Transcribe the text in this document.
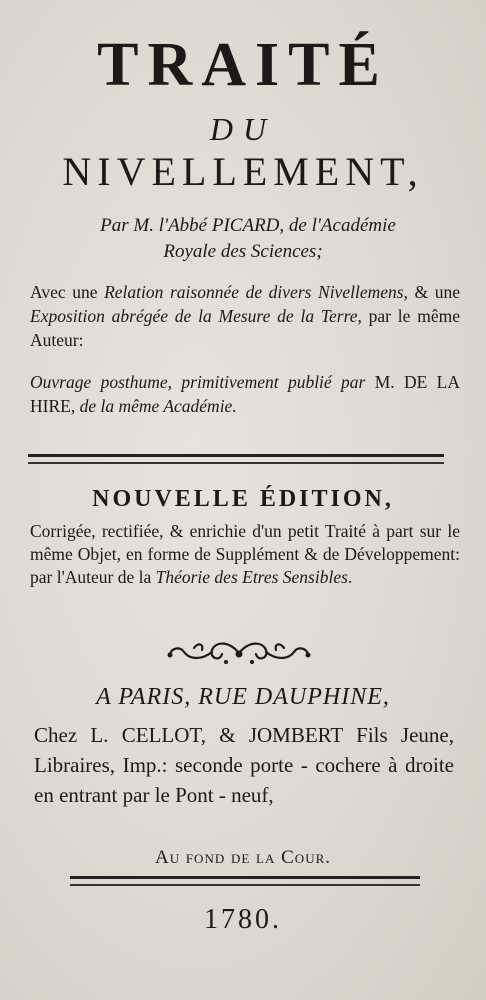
TRAITÉ
DU
NIVELLEMENT,
Par M. l'Abbé PICARD, de l'Académie
Royale des Sciences;
Avec une Relation raisonnée de divers Nivellemens, & une Exposition abrégée de la Mesure de la Terre, par le même Auteur:
Ouvrage posthume, primitivement publié par M. DE LA HIRE, de la même Académie.
NOUVELLE ÉDITION,
Corrigée, rectifiée, & enrichie d'un petit Traité à part sur le même Objet, en forme de Supplément & de Développement: par l'Auteur de la Théorie des Etres Sensibles.
A PARIS, RUE DAUPHINE,
Chez L. CELLOT, & JOMBERT Fils Jeune, Libraires, Imp.: seconde porte - cochere à droite en entrant par le Pont - neuf,
Au fond de la Cour.
1780.
